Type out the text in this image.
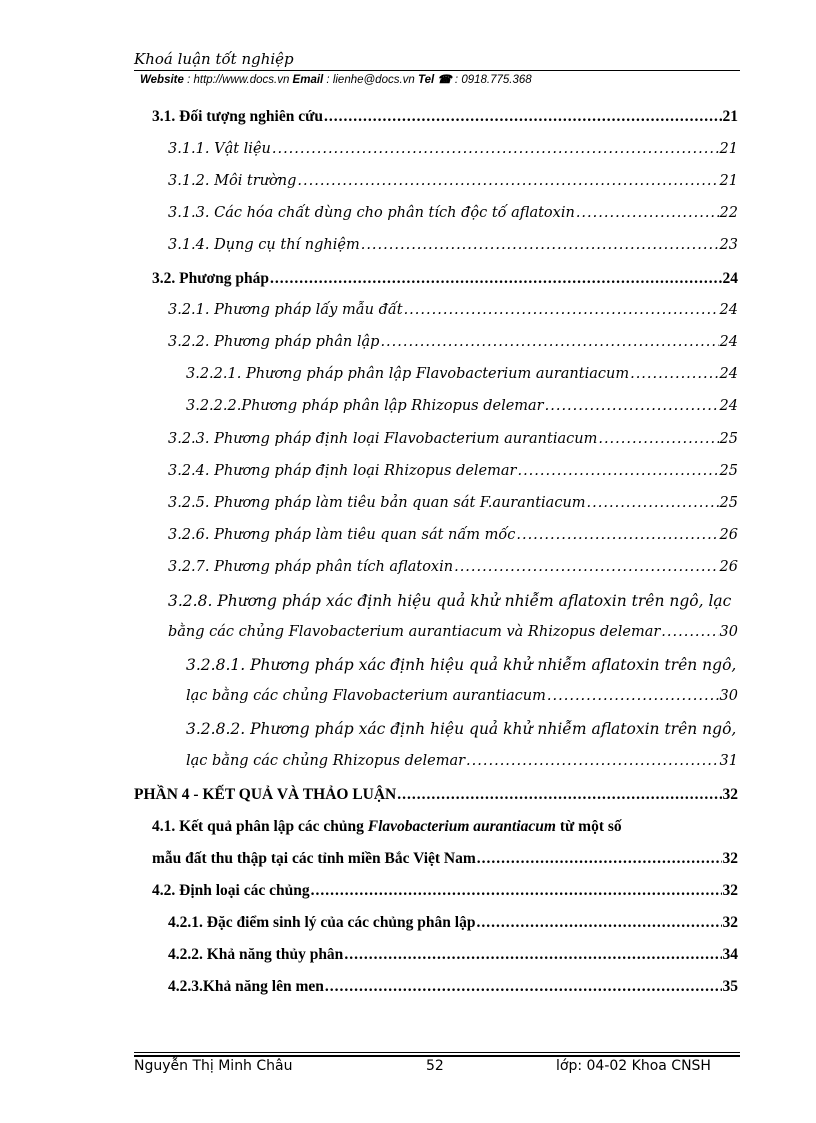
Khoá luận tốt nghiệp
Website : http://www.docs.vn Email : lienhe@docs.vn Tel ☎ : 0918.775.368
3.1. Đối tượng nghiên cứu .....	21
3.1.1. Vật liệu .....	21
3.1.2. Môi trường .....	21
3.1.3. Các hóa chất dùng cho phân tích độc tố aflatoxin .....	22
3.1.4. Dụng cụ thí nghiệm .....	23
3.2. Phương pháp .....	24
3.2.1. Phương pháp lấy mẫu đất .....	24
3.2.2. Phương pháp phân lập .....	24
3.2.2.1. Phương pháp phân lập Flavobacterium aurantiacum .....	24
3.2.2.2.Phương pháp phân lập Rhizopus delemar .....	24
3.2.3. Phương pháp định loại Flavobacterium aurantiacum .....	25
3.2.4. Phương pháp định loại Rhizopus delemar .....	25
3.2.5. Phương pháp làm tiêu bản quan sát F.aurantiacum .....	25
3.2.6. Phương pháp làm tiêu quan sát nấm mốc .....	26
3.2.7. Phương pháp phân tích aflatoxin .....	26
3.2.8. Phương pháp xác định hiệu quả khử nhiễm aflatoxin trên ngô, lạc
bằng các chủng Flavobacterium aurantiacum và Rhizopus delemar .....	30
3.2.8.1. Phương pháp xác định hiệu quả khử nhiễm aflatoxin trên ngô,
lạc bằng các chủng Flavobacterium aurantiacum .....	30
3.2.8.2. Phương pháp xác định hiệu quả khử nhiễm aflatoxin trên ngô,
lạc bằng các chủng Rhizopus delemar .....	31
PHẦN 4 - KẾT QUẢ VÀ THẢO LUẬN .....	32
4.1. Kết quả phân lập các chủng Flavobacterium aurantiacum từ một số
mẫu đất thu thập tại các tỉnh miền Bắc Việt Nam .....	32
4.2. Định loại các chủng .....	32
4.2.1. Đặc điểm sinh lý của các chủng phân lập .....	32
4.2.2. Khả năng thủy phân .....	34
4.2.3.Khả năng lên men .....	35
Nguyễn Thị Minh Châu	52	lớp: 04-02 Khoa CNSH
